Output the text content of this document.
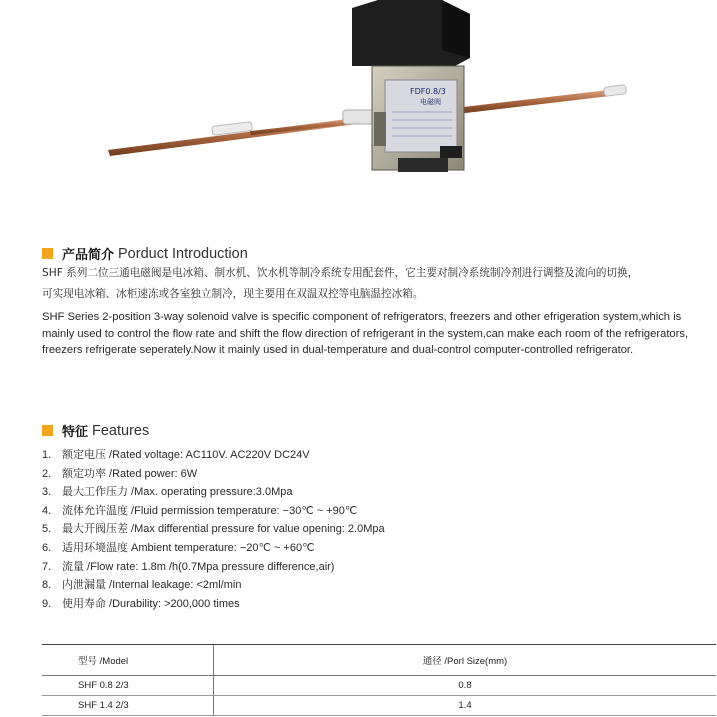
FDF0.8/3
电磁阀
产品简介 Porduct Introduction
SHF 系列二位三通电磁阀是电冰箱、制水机、饮水机等制冷系统专用配套件，它主要对制冷系统制冷剂进行调整及流向的切换，
可实现电冰箱、冰柜速冻或各室独立制冷，现主要用在双温双控等电脑温控冰箱。
SHF Series 2-position 3-way solenoid valve is specific component of refrigerators, freezers and other efrigeration system,which is mainly used to control the flow rate and shift the flow direction of refrigerant in the system,can make each room of the refrigerators, freezers refrigerate seperately.Now it mainly used in dual-temperature and dual-control computer-controlled refrigerator.
特征 Features
1. 额定电压 /Rated voltage: AC110V. AC220V DC24V
2. 额定功率 /Rated power: 6W
3. 最大工作压力 /Max. operating pressure:3.0Mpa
4. 流体允许温度 /Fluid permission temperature: −30℃ ~ +90℃
5. 最大开阀压差 /Max differential pressure for value opening: 2.0Mpa
6. 适用环境温度 Ambient temperature: −20℃ ~ +60℃
7. 流量 /Flow rate: 1.8m /h(0.7Mpa pressure difference,air)
8. 内泄漏量 /Internal leakage: <2ml/min
9. 使用寿命 /Durability: >200,000 times
型号 /Model	通径 /Porl Size(mm)
SHF 0.8 2/3	0.8
SHF 1.4 2/3	1.4
